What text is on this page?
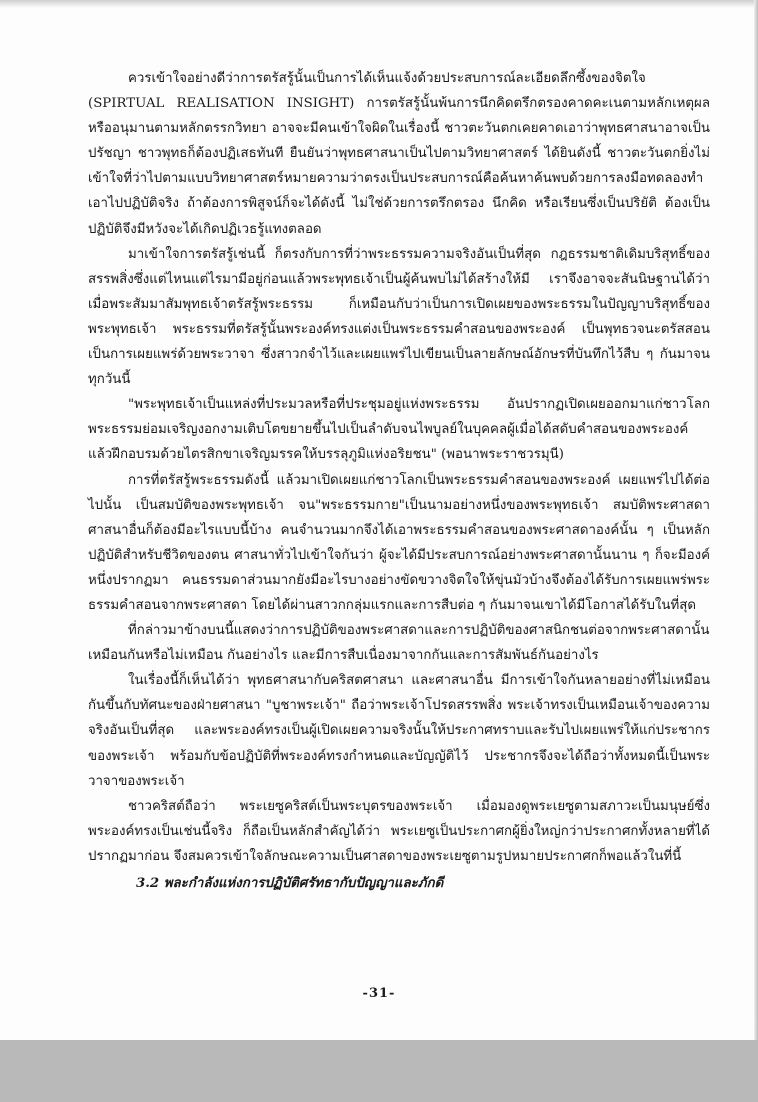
ควรเข้าใจอย่างดีว่าการตรัสรู้นั้นเป็นการได้เห็นแจ้งด้วยประสบการณ์ละเอียดลึกซึ้งของจิตใจ (SPIRTUAL REALISATION INSIGHT) การตรัสรู้นั้นพ้นการนึกคิดตรึกตรองคาดคะเนตามหลักเหตุผลหรืออนุมานตามหลักตรรกวิทยา อาจจะมีคนเข้าใจผิดในเรื่องนี้ ชาวตะวันตกเคยคาดเอาว่าพุทธศาสนาอาจเป็นปรัชญา ชาวพุทธก็ต้องปฏิเสธทันที ยืนยันว่าพุทธศาสนาเป็นไปตามวิทยาศาสตร์ ได้ยินดังนี้ ชาวตะวันตกยิ่งไม่เข้าใจที่ว่าไปตามแบบวิทยาศาสตร์หมายความว่าตรงเป็นประสบการณ์คือค้นหาค้นพบด้วยการลงมือทดลองทำ เอาไปปฏิบัติจริง ถ้าต้องการพิสูจน์ก็จะได้ดังนี้ ไม่ใช่ด้วยการตรึกตรอง นึกคิด หรือเรียนซึ่งเป็นปริยัติ ต้องเป็นปฏิบัติจึงมีหวังจะได้เกิดปฏิเวธรู้แทงตลอด

มาเข้าใจการตรัสรู้เช่นนี้ ก็ตรงกับการที่ว่าพระธรรมความจริงอันเป็นที่สุด กฎธรรมชาติเดิมบริสุทธิ์ของสรรพสิ่งซึ่งแต่ไหนแต่ไรมามีอยู่ก่อนแล้วพระพุทธเจ้าเป็นผู้ค้นพบไม่ได้สร้างให้มี เราจึงอาจจะสันนิษฐานได้ว่าเมื่อพระสัมมาสัมพุทธเจ้าตรัสรู้พระธรรม ก็เหมือนกับว่าเป็นการเปิดเผยของพระธรรมในปัญญาบริสุทธิ์ของพระพุทธเจ้า พระธรรมที่ตรัสรู้นั้นพระองค์ทรงแต่งเป็นพระธรรมคำสอนของพระองค์ เป็นพุทธวจนะตรัสสอนเป็นการเผยแพร่ด้วยพระวาจา ซึ่งสาวกจำไว้และเผยแพร่ไปเขียนเป็นลายลักษณ์อักษรที่บันทึกไว้สืบ ๆ กันมาจนทุกวันนี้

"พระพุทธเจ้าเป็นแหล่งที่ประมวลหรือที่ประชุมอยู่แห่งพระธรรม อันปรากฏเปิดเผยออกมาแก่ชาวโลก พระธรรมย่อมเจริญงอกงามเติบโตขยายขึ้นไปเป็นลำดับจนไพบูลย์ในบุคคลผู้เมื่อได้สดับคำสอนของพระองค์ แล้วฝึกอบรมด้วยไตรสิกขาเจริญมรรคให้บรรลุภูมิแห่งอริยชน" (พอนาพระราชวรมุนี)

การที่ตรัสรู้พระธรรมดังนี้ แล้วมาเปิดเผยแก่ชาวโลกเป็นพระธรรมคำสอนของพระองค์ เผยแพร่ไปได้ต่อไปนั้น เป็นสมบัติของพระพุทธเจ้า จน"พระธรรมกาย"เป็นนามอย่างหนึ่งของพระพุทธเจ้า สมบัติพระศาสดาศาสนาอื่นก็ต้องมีอะไรแบบนี้บ้าง คนจำนวนมากจึงได้เอาพระธรรมคำสอนของพระศาสดาองค์นั้น ๆ เป็นหลักปฏิบัติสำหรับชีวิตของตน ศาสนาทั่วไปเข้าใจกันว่า ผู้จะได้มีประสบการณ์อย่างพระศาสดานั้นนาน ๆ ก็จะมีองค์หนึ่งปรากฏมา คนธรรมดาส่วนมากยังมีอะไรบางอย่างขัดขวางจิตใจให้ขุ่นมัวบ้างจึงต้องได้รับการเผยแพร่พระธรรมคำสอนจากพระศาสดา โดยได้ผ่านสาวกกลุ่มแรกและการสืบต่อ ๆ กันมาจนเขาได้มีโอกาสได้รับในที่สุด

ที่กล่าวมาข้างบนนี้แสดงว่าการปฏิบัติของพระศาสดาและการปฏิบัติของศาสนิกชนต่อจากพระศาสดานั้นเหมือนกันหรือไม่เหมือน กันอย่างไร และมีการสืบเนื่องมาจากกันและการสัมพันธ์กันอย่างไร

ในเรื่องนี้ก็เห็นได้ว่า พุทธศาสนากับคริสตศาสนา และศาสนาอื่น มีการเข้าใจกันหลายอย่างที่ไม่เหมือนกันขึ้นกับทัศนะของฝ่ายศาสนา "บูชาพระเจ้า" ถือว่าพระเจ้าโปรดสรรพสิ่ง พระเจ้าทรงเป็นเหมือนเจ้าของความจริงอันเป็นที่สุด และพระองค์ทรงเป็นผู้เปิดเผยความจริงนั้นให้ประกาศทราบและรับไปเผยแพร่ให้แก่ประชากรของพระเจ้า พร้อมกับข้อปฏิบัติที่พระองค์ทรงกำหนดและบัญญัติไว้ ประชากรจึงจะได้ถือว่าทั้งหมดนี้เป็นพระวาจาของพระเจ้า

ชาวคริสต์ถือว่า พระเยซูคริสต์เป็นพระบุตรของพระเจ้า เมื่อมองดูพระเยซูตามสภาวะเป็นมนุษย์ซึ่งพระองค์ทรงเป็นเช่นนี้จริง ก็ถือเป็นหลักสำคัญได้ว่า พระเยซูเป็นประกาศกผู้ยิ่งใหญ่กว่าประกาศกทั้งหลายที่ได้ปรากฏมาก่อน จึงสมควรเข้าใจลักษณะความเป็นศาสดาของพระเยซูตามรูปหมายประกาศกก็พอแล้วในที่นี้

3.2 พละกำลังแห่งการปฏิบัติศรัทธากับปัญญาและภักดี

-31-
